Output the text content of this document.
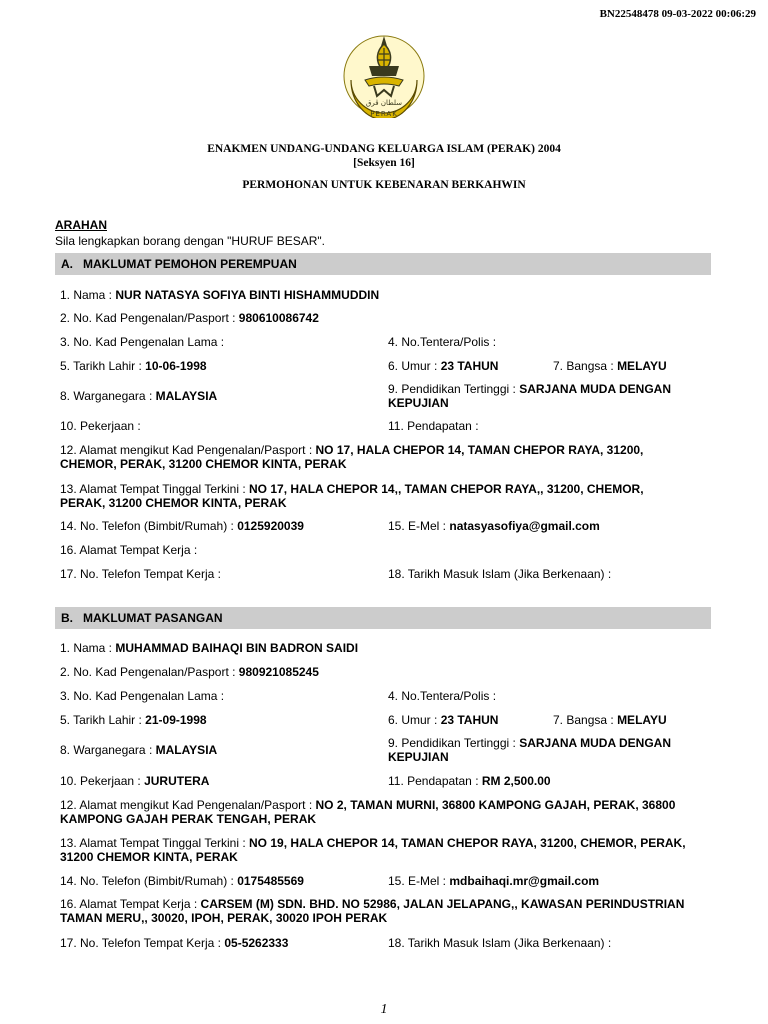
BN22548478 09-03-2022 00:06:29
ﺳﻠﻄﺎن ﭬﺮق
PERAK
ENAKMEN UNDANG-UNDANG KELUARGA ISLAM (PERAK) 2004
[Seksyen 16]
PERMOHONAN UNTUK KEBENARAN BERKAHWIN
ARAHAN
Sila lengkapkan borang dengan "HURUF BESAR".
A. MAKLUMAT PEMOHON PEREMPUAN
1. Nama : NUR NATASYA SOFIYA BINTI HISHAMMUDDIN
2. No. Kad Pengenalan/Pasport : 980610086742
3. No. Kad Pengenalan Lama :	4. No.Tentera/Polis :
5. Tarikh Lahir : 10-06-1998	6. Umur : 23 TAHUN	7. Bangsa : MELAYU
8. Warganegara : MALAYSIA	9. Pendidikan Tertinggi : SARJANA MUDA DENGAN
KEPUJIAN
10. Pekerjaan :	11. Pendapatan :
12. Alamat mengikut Kad Pengenalan/Pasport : NO 17, HALA CHEPOR 14, TAMAN CHEPOR RAYA, 31200,
CHEMOR, PERAK, 31200 CHEMOR KINTA, PERAK
13. Alamat Tempat Tinggal Terkini : NO 17, HALA CHEPOR 14,, TAMAN CHEPOR RAYA,, 31200, CHEMOR,
PERAK, 31200 CHEMOR KINTA, PERAK
14. No. Telefon (Bimbit/Rumah) : 0125920039	15. E-Mel : natasyasofiya@gmail.com
16. Alamat Tempat Kerja :
17. No. Telefon Tempat Kerja :	18. Tarikh Masuk Islam (Jika Berkenaan) :
B. MAKLUMAT PASANGAN
1. Nama : MUHAMMAD BAIHAQI BIN BADRON SAIDI
2. No. Kad Pengenalan/Pasport : 980921085245
3. No. Kad Pengenalan Lama :	4. No.Tentera/Polis :
5. Tarikh Lahir : 21-09-1998	6. Umur : 23 TAHUN	7. Bangsa : MELAYU
8. Warganegara : MALAYSIA	9. Pendidikan Tertinggi : SARJANA MUDA DENGAN
KEPUJIAN
10. Pekerjaan : JURUTERA	11. Pendapatan : RM 2,500.00
12. Alamat mengikut Kad Pengenalan/Pasport : NO 2, TAMAN MURNI, 36800 KAMPONG GAJAH, PERAK, 36800
KAMPONG GAJAH PERAK TENGAH, PERAK
13. Alamat Tempat Tinggal Terkini : NO 19, HALA CHEPOR 14, TAMAN CHEPOR RAYA, 31200, CHEMOR, PERAK,
31200 CHEMOR KINTA, PERAK
14. No. Telefon (Bimbit/Rumah) : 0175485569	15. E-Mel : mdbaihaqi.mr@gmail.com
16. Alamat Tempat Kerja : CARSEM (M) SDN. BHD. NO 52986, JALAN JELAPANG,, KAWASAN PERINDUSTRIAN
TAMAN MERU,, 30020, IPOH, PERAK, 30020 IPOH PERAK
17. No. Telefon Tempat Kerja : 05-5262333	18. Tarikh Masuk Islam (Jika Berkenaan) :
1
